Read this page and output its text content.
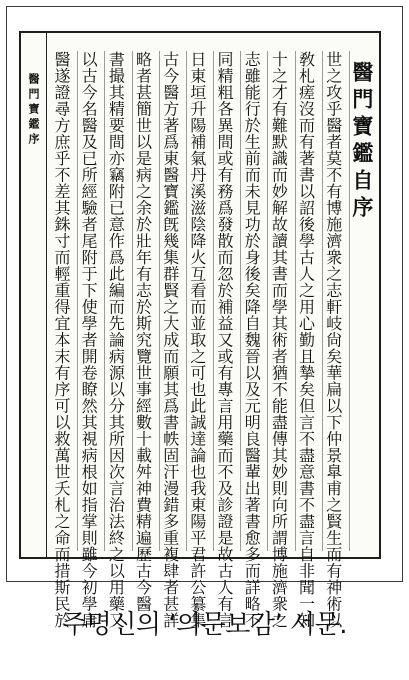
醫門寶鑑序	醫門寶鑑自序
世之攻乎醫者莫不有博施濟衆之志軒岐尙矣華扁以下仲景臯甫之賢生而有神術以
敎札瘥沒而有著書以詔後學古人之用心勤且摯矣但言不盡意書不盡言自非聞一知
十之才有難默識而妙解故讀其書而學其術者猶不能盡傳其妙則向所謂博施濟衆之
志雖能行於生前而未見功於身後矣降自魏晉以及元明良醫輩出著書愈多而詳略不
同精粗各異間或有務爲發散而忽於補益又或有專言用藥而不及診證是故古人有言
日東垣升陽補氣丹溪滋陰降火互看而並取之可也此誠達論也我東陽平君許公纂集
古今醫方著爲東醫寶鑑旣幾集群賢之大成而願其爲書帙固汗漫錯多重複肆者甚詳
略者甚簡世以是病之余於壯年有志於斯究覽世事經數十載舛神費精遍歷古今醫
書撮其精要間亦竊附已意作爲此編而先論病源以分其所因次言治法終之以用藥又
以古今名醫及已所經驗者尾附于下使學者開卷瞭然其視病根如指掌則雖今初學庸
醫遂證尋方庶乎不差其銖寸而輕重得宜本末有序可以救萬世夭札之命而措斯民於
주명신의 ‘의문보감’ 서문.
